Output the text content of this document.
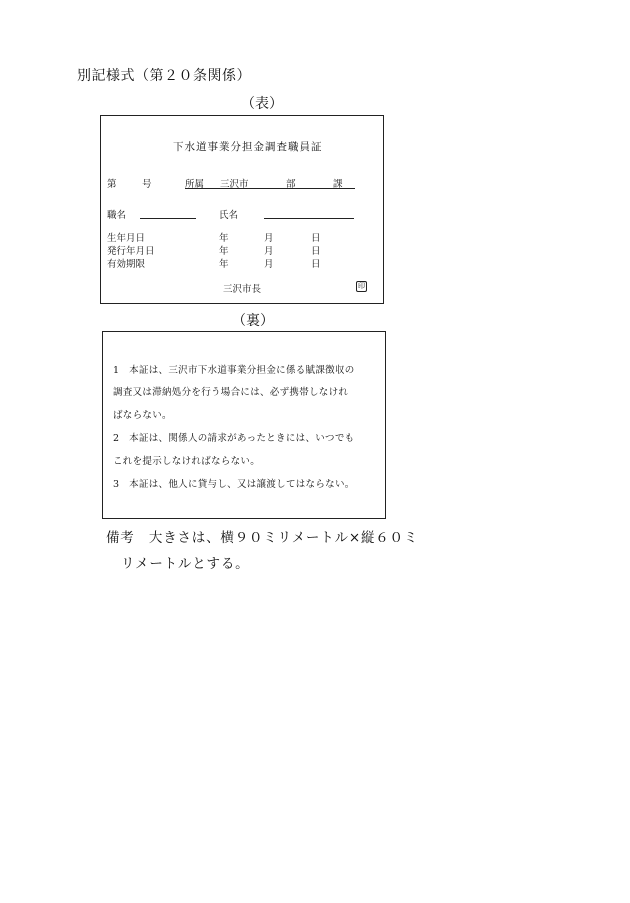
別記様式（第２０条関係）
（表）
下水道事業分担金調査職員証
第	号	所属 三沢市	部	課
職名	氏名
生年月日	年	月	日
発行年月日	年	月	日
有効期限	年	月	日
三沢市長	印
（裏）
1　本証は、三沢市下水道事業分担金に係る賦課徴収の
調査又は滞納処分を行う場合には、必ず携帯しなけれ
ばならない。
2　本証は、関係人の請求があったときには、いつでも
これを提示しなければならない。
3　本証は、他人に貸与し、又は譲渡してはならない。
備考　大きさは、横９０ミリメートル×縦６０ミ
リメートルとする。
